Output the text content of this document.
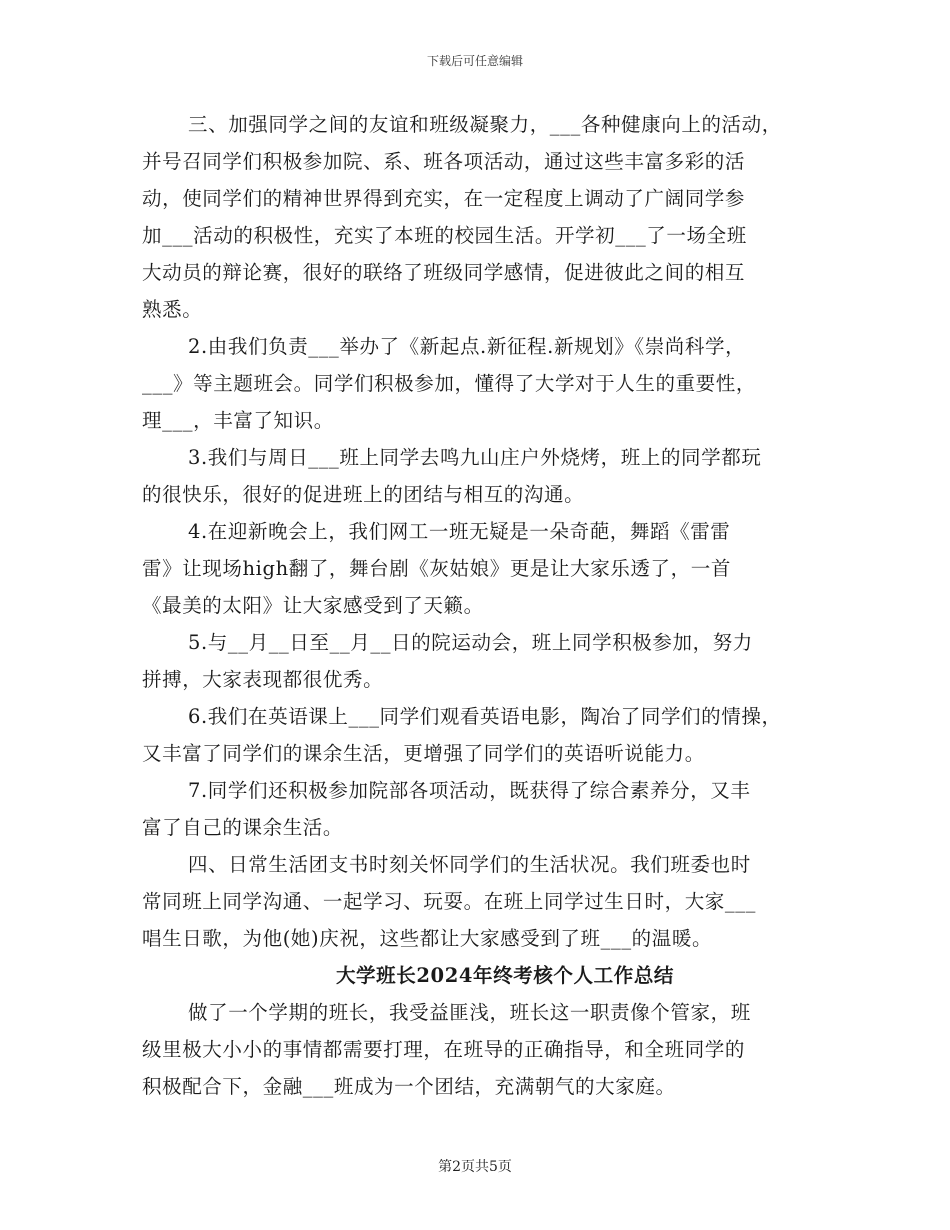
下载后可任意编辑
三、加强同学之间的友谊和班级凝聚力，___各种健康向上的活动，
并号召同学们积极参加院、系、班各项活动，通过这些丰富多彩的活
动，使同学们的精神世界得到充实，在一定程度上调动了广阔同学参
加___活动的积极性，充实了本班的校园生活。开学初___了一场全班
大动员的辩论赛，很好的联络了班级同学感情，促进彼此之间的相互
熟悉。
2.由我们负责___举办了《新起点.新征程.新规划》《崇尚科学，
___》等主题班会。同学们积极参加，懂得了大学对于人生的重要性，
理___，丰富了知识。
3.我们与周日___班上同学去鸣九山庄户外烧烤，班上的同学都玩
的很快乐，很好的促进班上的团结与相互的沟通。
4.在迎新晚会上，我们网工一班无疑是一朵奇葩，舞蹈《雷雷
雷》让现场high翻了，舞台剧《灰姑娘》更是让大家乐透了，一首
《最美的太阳》让大家感受到了天籁。
5.与__月__日至__月__日的院运动会，班上同学积极参加，努力
拼搏，大家表现都很优秀。
6.我们在英语课上___同学们观看英语电影，陶冶了同学们的情操，
又丰富了同学们的课余生活，更增强了同学们的英语听说能力。
7.同学们还积极参加院部各项活动，既获得了综合素养分，又丰
富了自己的课余生活。
四、日常生活团支书时刻关怀同学们的生活状况。我们班委也时
常同班上同学沟通、一起学习、玩耍。在班上同学过生日时，大家___
唱生日歌，为他(她)庆祝，这些都让大家感受到了班___的温暖。
大学班长2024年终考核个人工作总结
做了一个学期的班长，我受益匪浅，班长这一职责像个管家，班
级里极大小小的事情都需要打理，在班导的正确指导，和全班同学的
积极配合下，金融___班成为一个团结，充满朝气的大家庭。
第2页共5页
